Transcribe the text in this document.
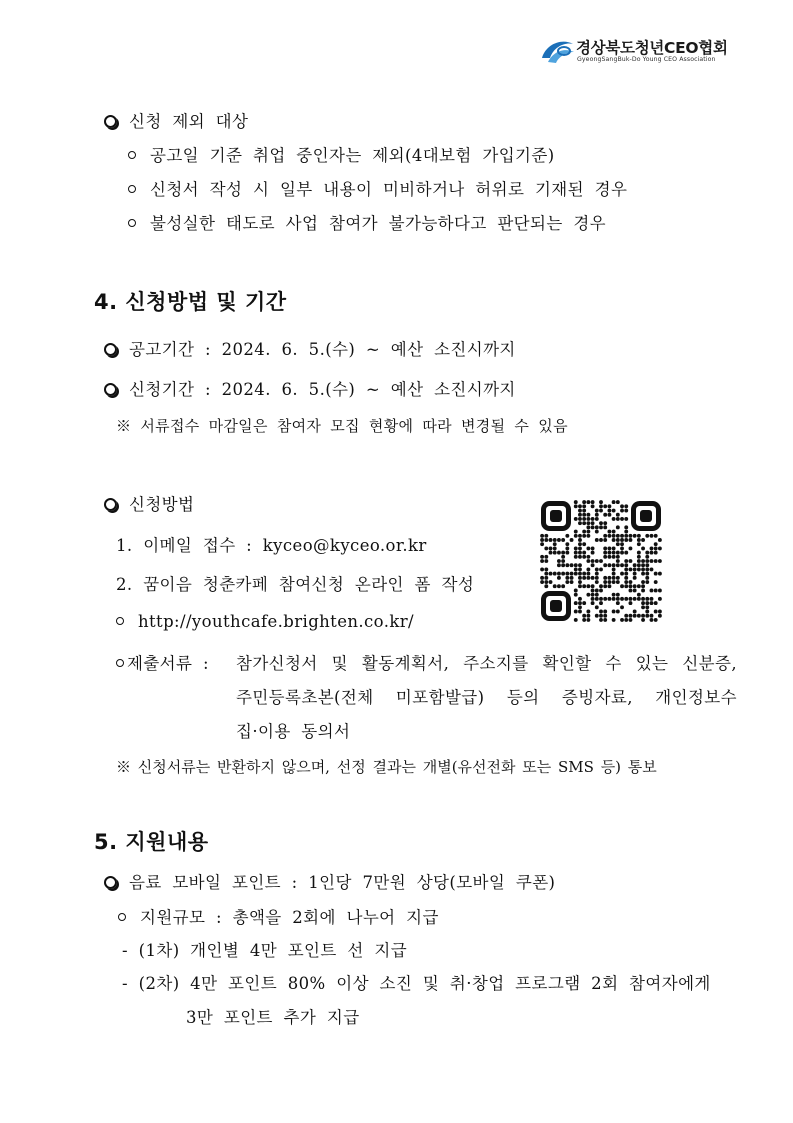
경상북도청년CEO협회
GyeongSangBuk-Do Young CEO Association
신청 제외 대상
공고일 기준 취업 중인자는 제외(4대보험 가입기준)
신청서 작성 시 일부 내용이 미비하거나 허위로 기재된 경우
불성실한 태도로 사업 참여가 불가능하다고 판단되는 경우
4. 신청방법 및 기간
공고기간 : 2024. 6. 5.(수) ~ 예산 소진시까지
신청기간 : 2024. 6. 5.(수) ~ 예산 소진시까지
※ 서류접수 마감일은 참여자 모집 현황에 따라 변경될 수 있음
신청방법
1. 이메일 접수 : kyceo@kyceo.or.kr
2. 꿈이음 청춘카페 참여신청 온라인 폼 작성
http://youthcafe.brighten.co.kr/
제출서류 : 참가신청서 및 활동계획서, 주소지를 확인할 수 있는 신분증,
주민등록초본(전체 미포함발급) 등의 증빙자료, 개인정보수
집·이용 동의서
※ 신청서류는 반환하지 않으며, 선정 결과는 개별(유선전화 또는 SMS 등) 통보
5. 지원내용
음료 모바일 포인트 : 1인당 7만원 상당(모바일 쿠폰)
지원규모 : 총액을 2회에 나누어 지급
- (1차) 개인별 4만 포인트 선 지급
- (2차) 4만 포인트 80% 이상 소진 및 취·창업 프로그램 2회 참여자에게
3만 포인트 추가 지급
